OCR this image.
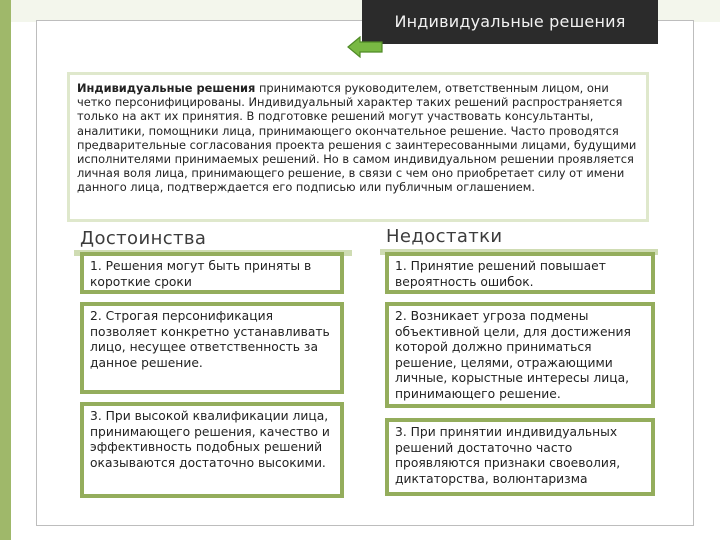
Индивидуальные решения
Индивидуальные решения принимаются руководителем, ответственным лицом, они четко персонифицированы. Индивидуальный характер таких решений распространяется только на акт их принятия. В подготовке решений могут участвовать консультанты, аналитики, помощники лица, принимающего окончательное решение. Часто проводятся предварительные согласования проекта решения с заинтересованными лицами, будущими исполнителями принимаемых решений. Но в самом индивидуальном решении проявляется личная воля лица, принимающего решение, в связи с чем оно приобретает силу от имени данного лица, подтверждается его подписью или публичным оглашением.
Достоинства	Недостатки
1. Решения могут быть приняты в короткие сроки
2. Строгая персонификация позволяет конкретно устанавливать лицо, несущее ответственность за данное решение.
3. При высокой квалификации лица, принимающего решения, качество и эффективность подобных решений оказываются достаточно высокими.
1. Принятие решений повышает вероятность ошибок.
2. Возникает угроза подмены объективной цели, для достижения которой должно приниматься решение, целями, отражающими личные, корыстные интересы лица, принимающего решение.
3. При принятии индивидуальных решений достаточно часто проявляются признаки своеволия, диктаторства, волюнтаризма
